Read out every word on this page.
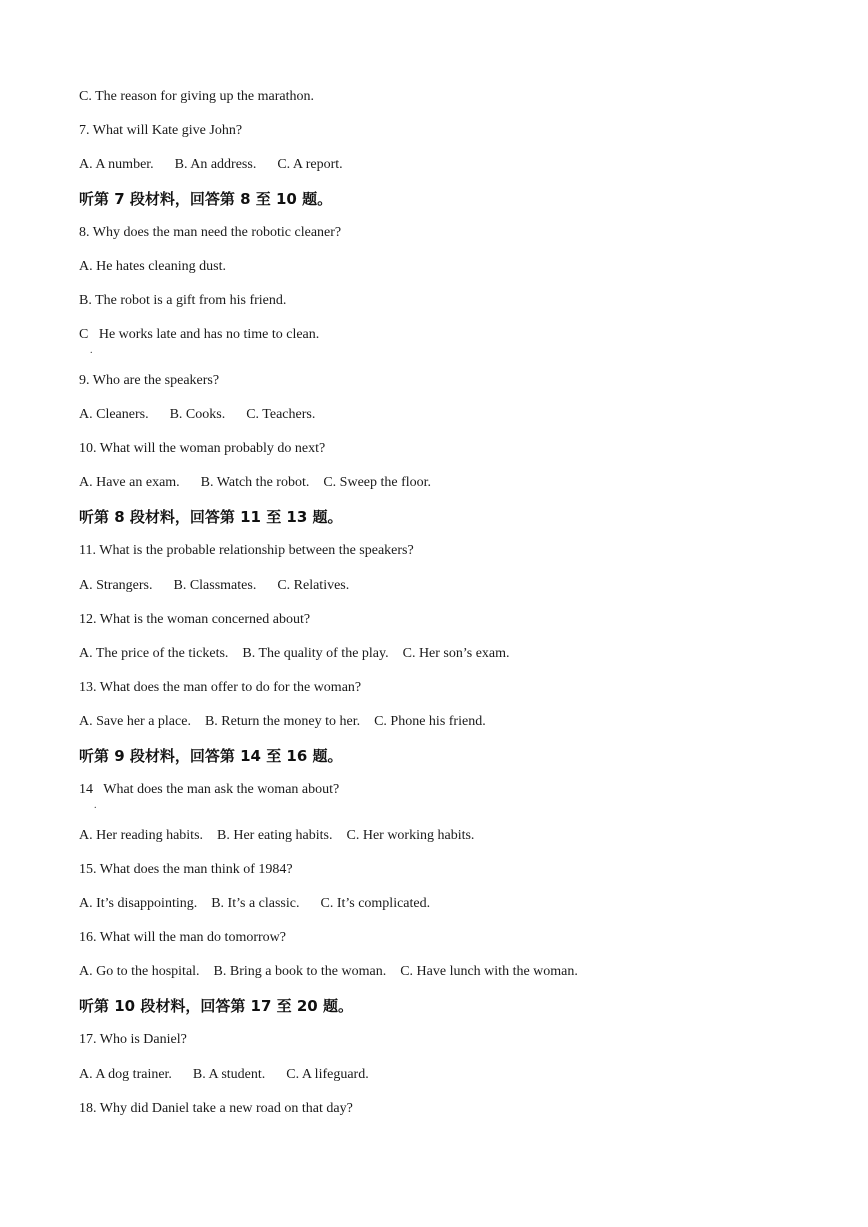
C. The reason for giving up the marathon.
7. What will Kate give John?
A. A number.      B. An address.      C. A report.
听第 7 段材料，回答第 8 至 10 题。
8. Why does the man need the robotic cleaner?
A. He hates cleaning dust.
B. The robot is a gift from his friend.
C   He works late and has no time to clean.
.
9. Who are the speakers?
A. Cleaners.      B. Cooks.      C. Teachers.
10. What will the woman probably do next?
A. Have an exam.      B. Watch the robot.    C. Sweep the floor.
听第 8 段材料，回答第 11 至 13 题。
11. What is the probable relationship between the speakers?
A. Strangers.      B. Classmates.      C. Relatives.
12. What is the woman concerned about?
A. The price of the tickets.    B. The quality of the play.    C. Her son’s exam.
13. What does the man offer to do for the woman?
A. Save her a place.    B. Return the money to her.    C. Phone his friend.
听第 9 段材料，回答第 14 至 16 题。
14   What does the man ask the woman about?
.
A. Her reading habits.    B. Her eating habits.    C. Her working habits.
15. What does the man think of 1984?
A. It’s disappointing.    B. It’s a classic.      C. It’s complicated.
16. What will the man do tomorrow?
A. Go to the hospital.    B. Bring a book to the woman.    C. Have lunch with the woman.
听第 10 段材料，回答第 17 至 20 题。
17. Who is Daniel?
A. A dog trainer.      B. A student.      C. A lifeguard.
18. Why did Daniel take a new road on that day?
